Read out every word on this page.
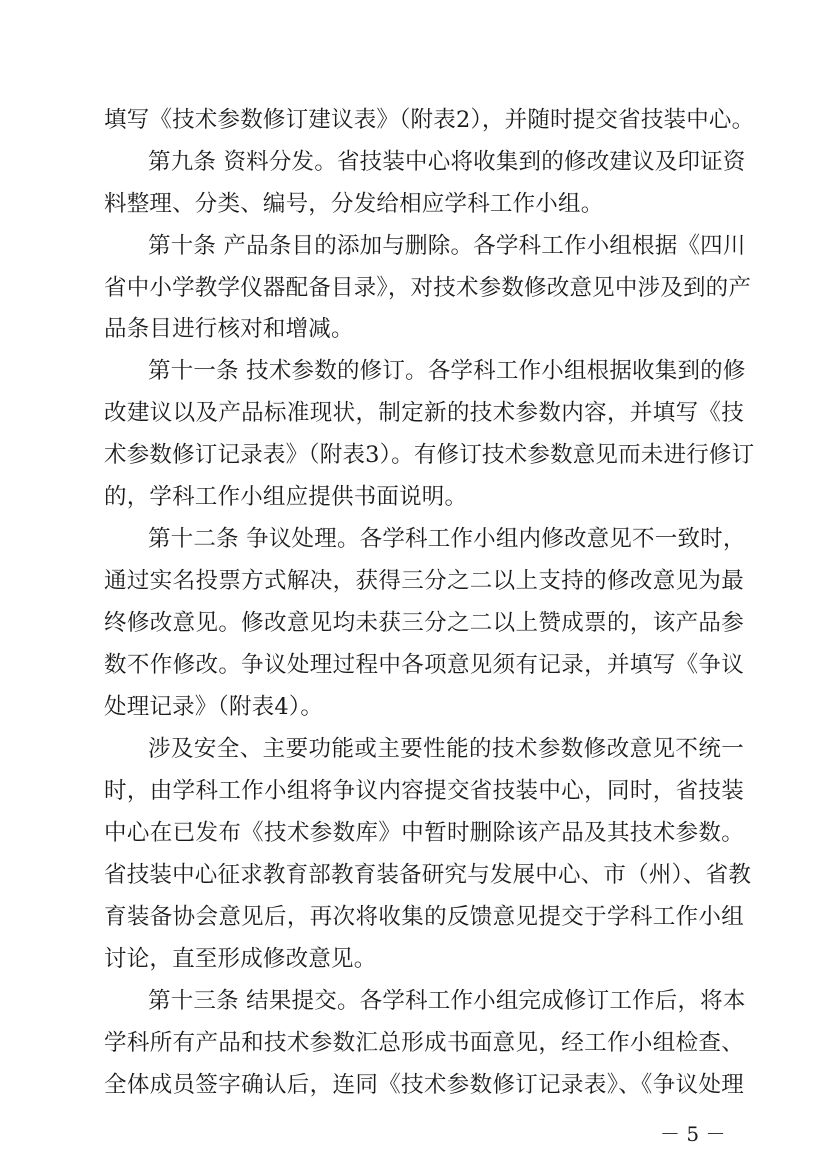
填写《技术参数修订建议表》（附表2），并随时提交省技装中心。
第九条 资料分发。省技装中心将收集到的修改建议及印证资
料整理、分类、编号，分发给相应学科工作小组。
第十条 产品条目的添加与删除。各学科工作小组根据《四川
省中小学教学仪器配备目录》，对技术参数修改意见中涉及到的产
品条目进行核对和增减。
第十一条 技术参数的修订。各学科工作小组根据收集到的修
改建议以及产品标准现状，制定新的技术参数内容，并填写《技
术参数修订记录表》（附表3）。有修订技术参数意见而未进行修订
的，学科工作小组应提供书面说明。
第十二条 争议处理。各学科工作小组内修改意见不一致时，
通过实名投票方式解决，获得三分之二以上支持的修改意见为最
终修改意见。修改意见均未获三分之二以上赞成票的，该产品参
数不作修改。争议处理过程中各项意见须有记录，并填写《争议
处理记录》（附表4）。
涉及安全、主要功能或主要性能的技术参数修改意见不统一
时，由学科工作小组将争议内容提交省技装中心，同时，省技装
中心在已发布《技术参数库》中暂时删除该产品及其技术参数。
省技装中心征求教育部教育装备研究与发展中心、市（州）、省教
育装备协会意见后，再次将收集的反馈意见提交于学科工作小组
讨论，直至形成修改意见。
第十三条 结果提交。各学科工作小组完成修订工作后，将本
学科所有产品和技术参数汇总形成书面意见，经工作小组检查、
全体成员签字确认后，连同《技术参数修订记录表》、《争议处理
－ 5 －
